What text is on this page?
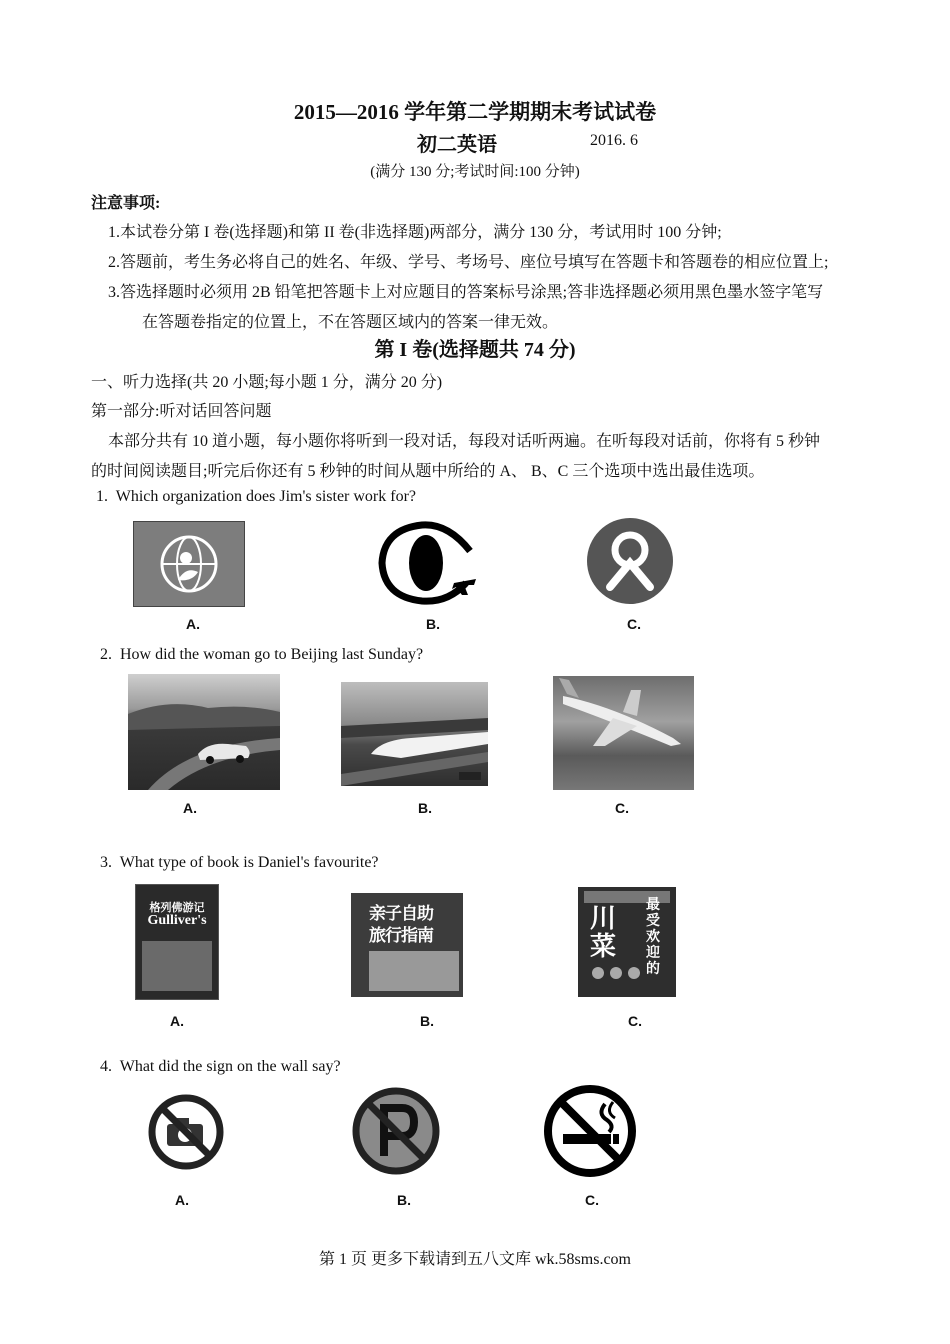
2015—2016 学年第二学期期末考试试卷
初二英语	2016. 6
(满分 130 分;考试时间:100 分钟)
注意事项:
1.本试卷分第 I 卷(选择题)和第 II 卷(非选择题)两部分，满分 130 分，考试用时 100 分钟;
2.答题前，考生务必将自己的姓名、年级、学号、考场号、座位号填写在答题卡和答题卷的相应位置上;
3.答选择题时必须用 2B 铅笔把答题卡上对应题目的答案标号涂黑;答非选择题必须用黑色墨水签字笔写
在答题卷指定的位置上，不在答题区域内的答案一律无效。
第 I 卷(选择题共 74 分)
一、听力选择(共 20 小题;每小题 1 分，满分 20 分)
第一部分:听对话回答问题
本部分共有 10 道小题，每小题你将听到一段对话，每段对话听两遍。在听每段对话前，你将有 5 秒钟
的时间阅读题目;听完后你还有 5 秒钟的时间从题中所给的 A、 B、C 三个选项中选出最佳选项。
1. Which organization does Jim's sister work for?
A.	B.	C.
2. How did the woman go to Beijing last Sunday?
A.	B.	C.
3. What type of book is Daniel's favourite?
格列佛游记
Gulliver's	亲子自助
旅行指南
川菜
最受欢迎的
A.	B.	C.
4. What did the sign on the wall say?
A.	B.	C.
第 1 页 更多下载请到五八文库 wk.58sms.com
